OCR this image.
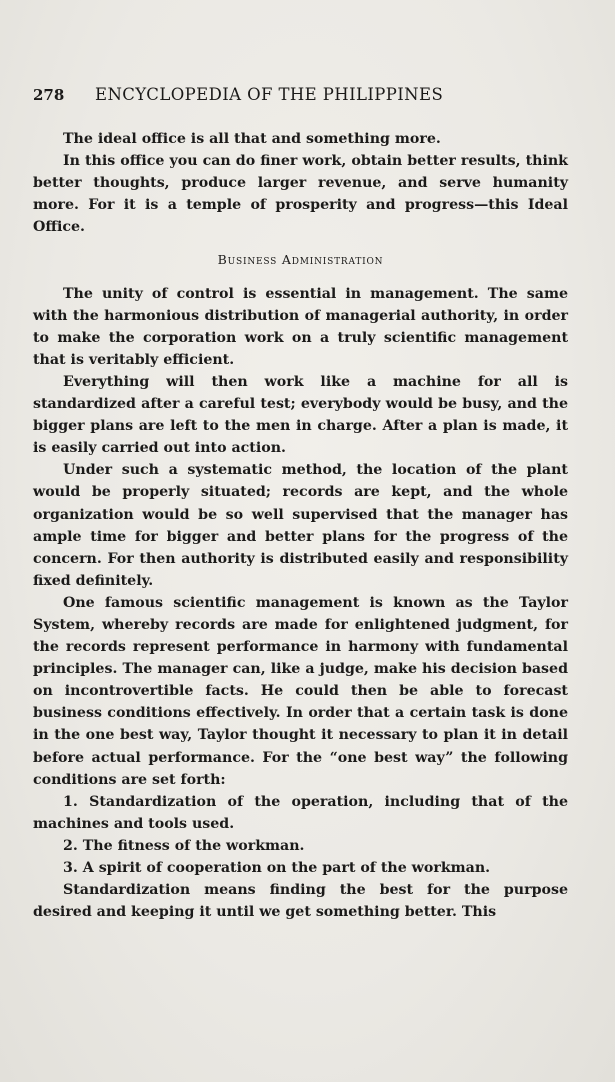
278	ENCYCLOPEDIA OF THE PHILIPPINES

The ideal office is all that and something more.

In this office you can do finer work, obtain better results, think better thoughts, produce larger revenue, and serve humanity more. For it is a temple of prosperity and progress—this Ideal Office.

Business Administration

The unity of control is essential in management. The same with the harmonious distribution of managerial authority, in order to make the corporation work on a truly scientific management that is veritably efficient.

Everything will then work like a machine for all is standardized after a careful test; everybody would be busy, and the bigger plans are left to the men in charge. After a plan is made, it is easily carried out into action.

Under such a systematic method, the location of the plant would be properly situated; records are kept, and the whole organization would be so well supervised that the manager has ample time for bigger and better plans for the progress of the concern. For then authority is distributed easily and responsibility fixed definitely.

One famous scientific management is known as the Taylor System, whereby records are made for enlightened judgment, for the records represent performance in harmony with fundamental principles. The manager can, like a judge, make his decision based on incontrovertible facts. He could then be able to forecast business conditions effectively. In order that a certain task is done in the one best way, Taylor thought it necessary to plan it in detail before actual performance. For the “one best way” the following conditions are set forth:

1. Standardization of the operation, including that of the machines and tools used.

2. The fitness of the workman.

3. A spirit of cooperation on the part of the workman.

Standardization means finding the best for the purpose desired and keeping it until we get something better. This
